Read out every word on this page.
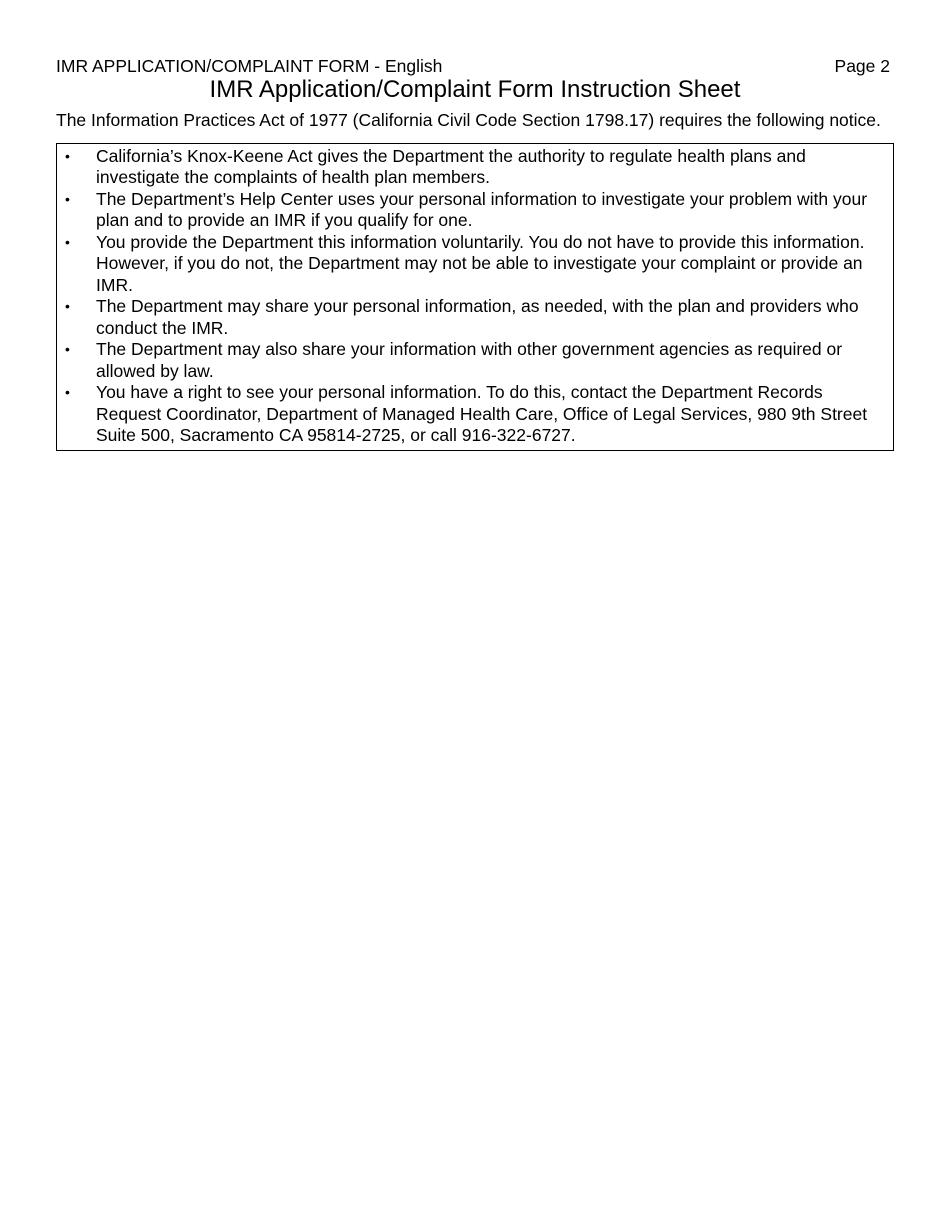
IMR APPLICATION/COMPLAINT FORM - English	Page 2
IMR Application/Complaint Form Instruction Sheet

The Information Practices Act of 1977 (California Civil Code Section 1798.17) requires the following notice.

•	California’s Knox-Keene Act gives the Department the authority to regulate health plans and investigate the complaints of health plan members.
•	The Department’s Help Center uses your personal information to investigate your problem with your plan and to provide an IMR if you qualify for one.
•	You provide the Department this information voluntarily. You do not have to provide this information. However, if you do not, the Department may not be able to investigate your complaint or provide an IMR.
•	The Department may share your personal information, as needed, with the plan and providers who conduct the IMR.
•	The Department may also share your information with other government agencies as required or allowed by law.
•	You have a right to see your personal information. To do this, contact the Department Records Request Coordinator, Department of Managed Health Care, Office of Legal Services, 980 9th Street Suite 500, Sacramento CA 95814-2725, or call 916-322-6727.
